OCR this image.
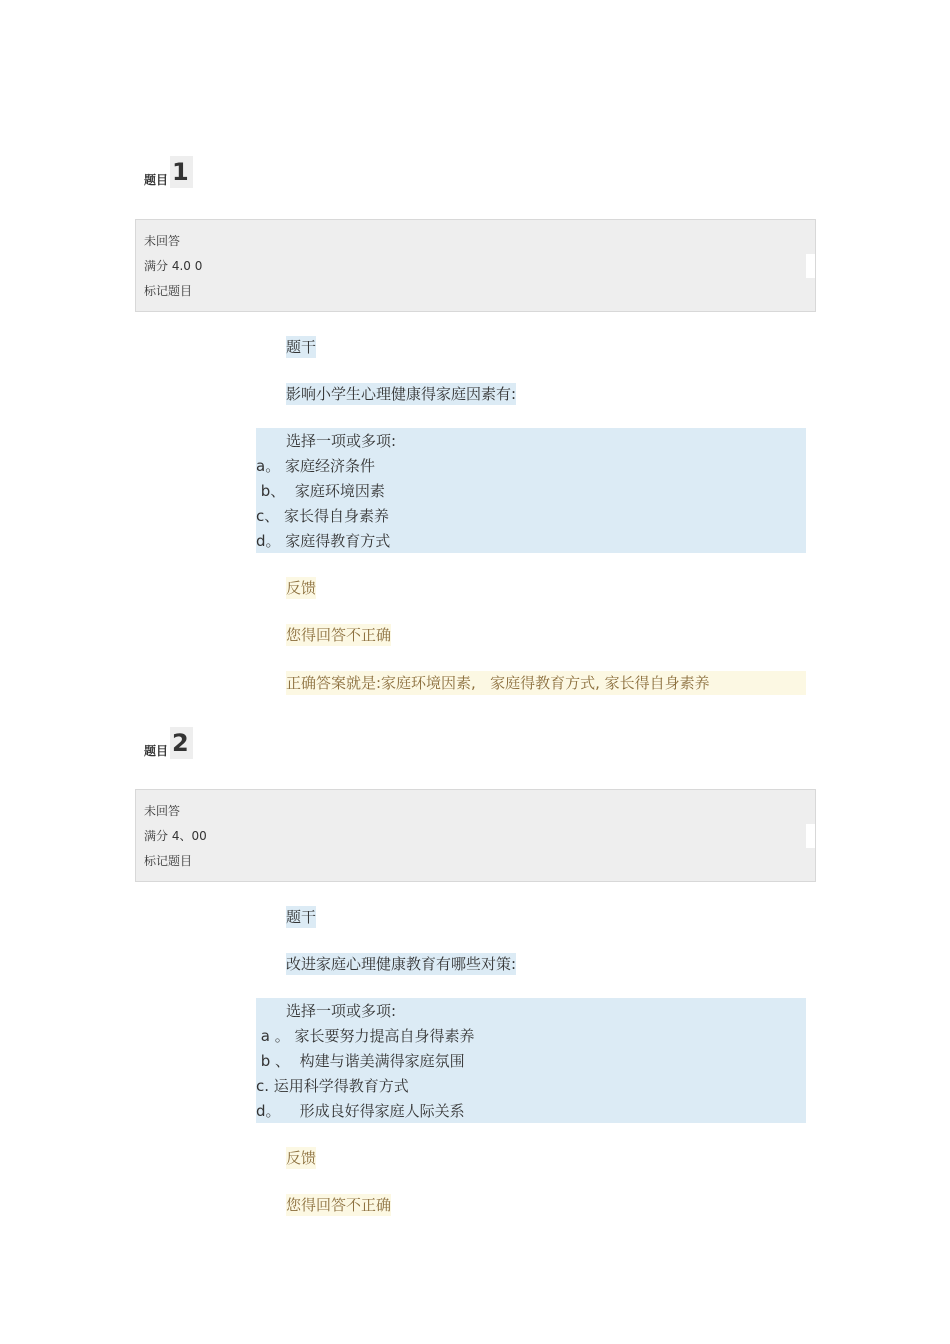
题目 1
未回答
满分 4.0 0
标记题目
题干
影响小学生心理健康得家庭因素有:
选择一项或多项:
a。 家庭经济条件
b、  家庭环境因素
c、 家长得自身素养
d。 家庭得教育方式
反馈
您得回答不正确
正确答案就是:家庭环境因素,   家庭得教育方式, 家长得自身素养
题目 2
未回答
满分 4、00
标记题目
题干
改进家庭心理健康教育有哪些对策:
选择一项或多项:
a 。 家长要努力提高自身得素养
b 、  构建与谐美满得家庭氛围
c. 运用科学得教育方式
d。    形成良好得家庭人际关系
反馈
您得回答不正确
